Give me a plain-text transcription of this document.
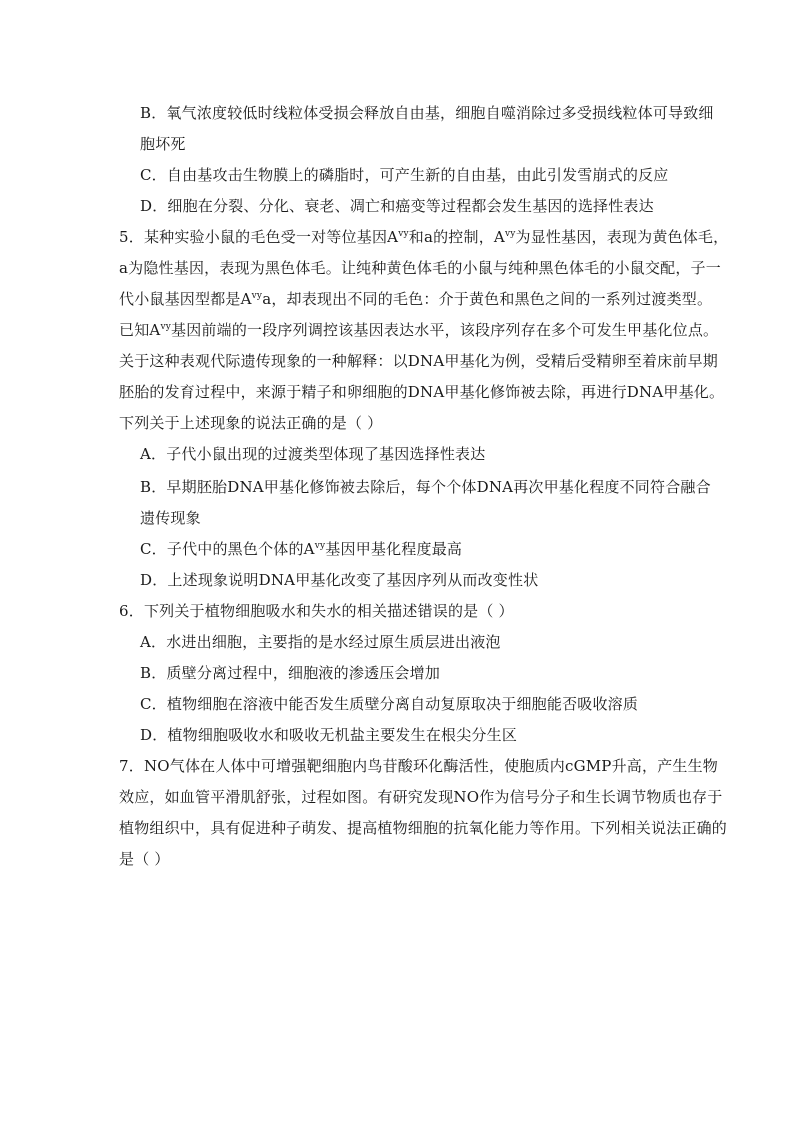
B．氧气浓度较低时线粒体受损会释放自由基，细胞自噬消除过多受损线粒体可导致细
胞坏死
C．自由基攻击生物膜上的磷脂时，可产生新的自由基，由此引发雪崩式的反应
D．细胞在分裂、分化、衰老、凋亡和癌变等过程都会发生基因的选择性表达
5．某种实验小鼠的毛色受一对等位基因$A^{vy}$和a的控制，$A^{vy}$为显性基因，表现为黄色体毛，
a为隐性基因，表现为黑色体毛。让纯种黄色体毛的小鼠与纯种黑色体毛的小鼠交配，子一
代小鼠基因型都是$A^{vy}a$，却表现出不同的毛色：介于黄色和黑色之间的一系列过渡类型。
已知$A^{vy}$基因前端的一段序列调控该基因表达水平，该段序列存在多个可发生甲基化位点。
关于这种表观代际遗传现象的一种解释：以DNA甲基化为例，受精后受精卵至着床前早期
胚胎的发育过程中，来源于精子和卵细胞的DNA甲基化修饰被去除，再进行DNA甲基化。
下列关于上述现象的说法正确的是（ ）
A．子代小鼠出现的过渡类型体现了基因选择性表达
B．早期胚胎DNA甲基化修饰被去除后，每个个体DNA再次甲基化程度不同符合融合
遗传现象
C．子代中的黑色个体的$A^{vy}$基因甲基化程度最高
D．上述现象说明DNA甲基化改变了基因序列从而改变性状
6．下列关于植物细胞吸水和失水的相关描述错误的是（ ）
A．水进出细胞，主要指的是水经过原生质层进出液泡
B．质壁分离过程中，细胞液的渗透压会增加
C．植物细胞在溶液中能否发生质壁分离自动复原取决于细胞能否吸收溶质
D．植物细胞吸收水和吸收无机盐主要发生在根尖分生区
7．NO气体在人体中可增强靶细胞内鸟苷酸环化酶活性，使胞质内cGMP升高，产生生物
效应，如血管平滑肌舒张，过程如图。有研究发现NO作为信号分子和生长调节物质也存于
植物组织中，具有促进种子萌发、提高植物细胞的抗氧化能力等作用。下列相关说法正确的
是（ ）
